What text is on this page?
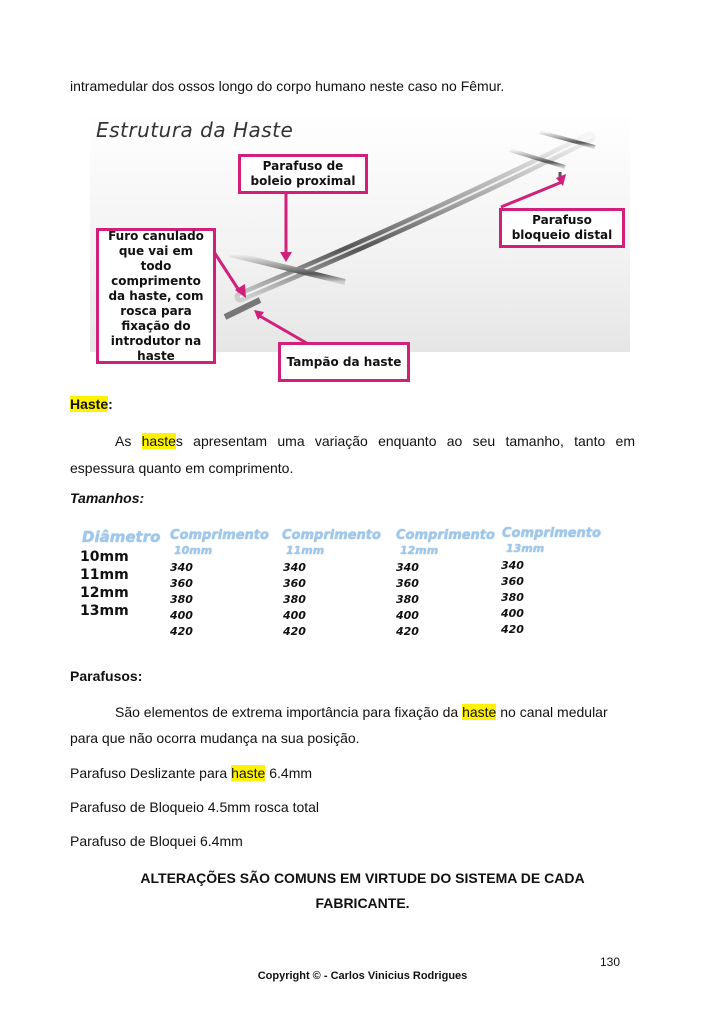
intramedular dos ossos longo do corpo humano neste caso no Fêmur.
Estrutura da Haste
Parafuso de boleio proximal
Furo canulado que vai em todo comprimento da haste, com rosca para fixação do introdutor na haste
Parafuso bloqueio distal
Tampão da haste
Haste:
As hastes apresentam uma variação enquanto ao seu tamanho, tanto em espessura quanto em comprimento.
Tamanhos:
Diâmetro
10mm
11mm
12mm
13mm
Comprimento
10mm
340
360
380
400
420
Comprimento
11mm
340
360
380
400
420
Comprimento
12mm
340
360
380
400
420
Comprimento
13mm
340
360
380
400
420
Parafusos:
São elementos de extrema importância para fixação da haste no canal medular
para que não ocorra mudança na sua posição.
Parafuso Deslizante para haste 6.4mm
Parafuso de Bloqueio 4.5mm rosca total
Parafuso de Bloquei 6.4mm
ALTERAÇÕES SÃO COMUNS EM VIRTUDE DO SISTEMA DE CADA
FABRICANTE.
130
Copyright © - Carlos Vinicius Rodrigues
